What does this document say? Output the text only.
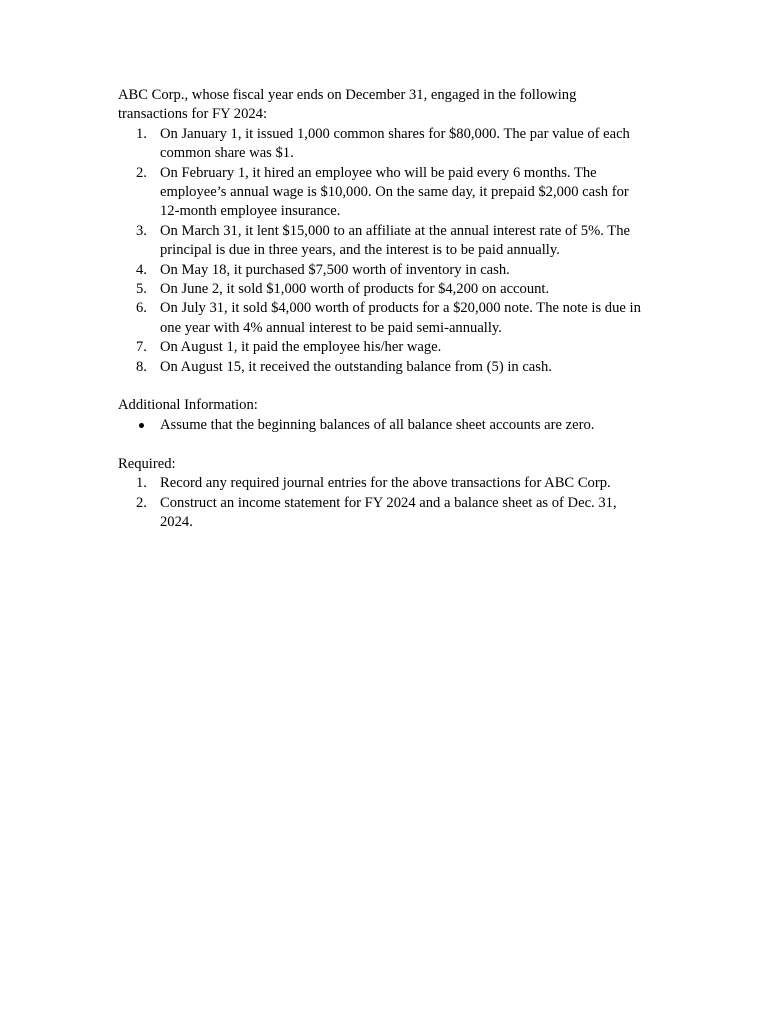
ABC Corp., whose fiscal year ends on December 31, engaged in the following transactions for FY 2024:

1. On January 1, it issued 1,000 common shares for $80,000. The par value of each common share was $1.
2. On February 1, it hired an employee who will be paid every 6 months. The employee’s annual wage is $10,000. On the same day, it prepaid $2,000 cash for 12-month employee insurance.
3. On March 31, it lent $15,000 to an affiliate at the annual interest rate of 5%. The principal is due in three years, and the interest is to be paid annually.
4. On May 18, it purchased $7,500 worth of inventory in cash.
5. On June 2, it sold $1,000 worth of products for $4,200 on account.
6. On July 31, it sold $4,000 worth of products for a $20,000 note. The note is due in one year with 4% annual interest to be paid semi-annually.
7. On August 1, it paid the employee his/her wage.
8. On August 15, it received the outstanding balance from (5) in cash.

Additional Information:

Assume that the beginning balances of all balance sheet accounts are zero.

Required:

1. Record any required journal entries for the above transactions for ABC Corp.
2. Construct an income statement for FY 2024 and a balance sheet as of Dec. 31, 2024.
